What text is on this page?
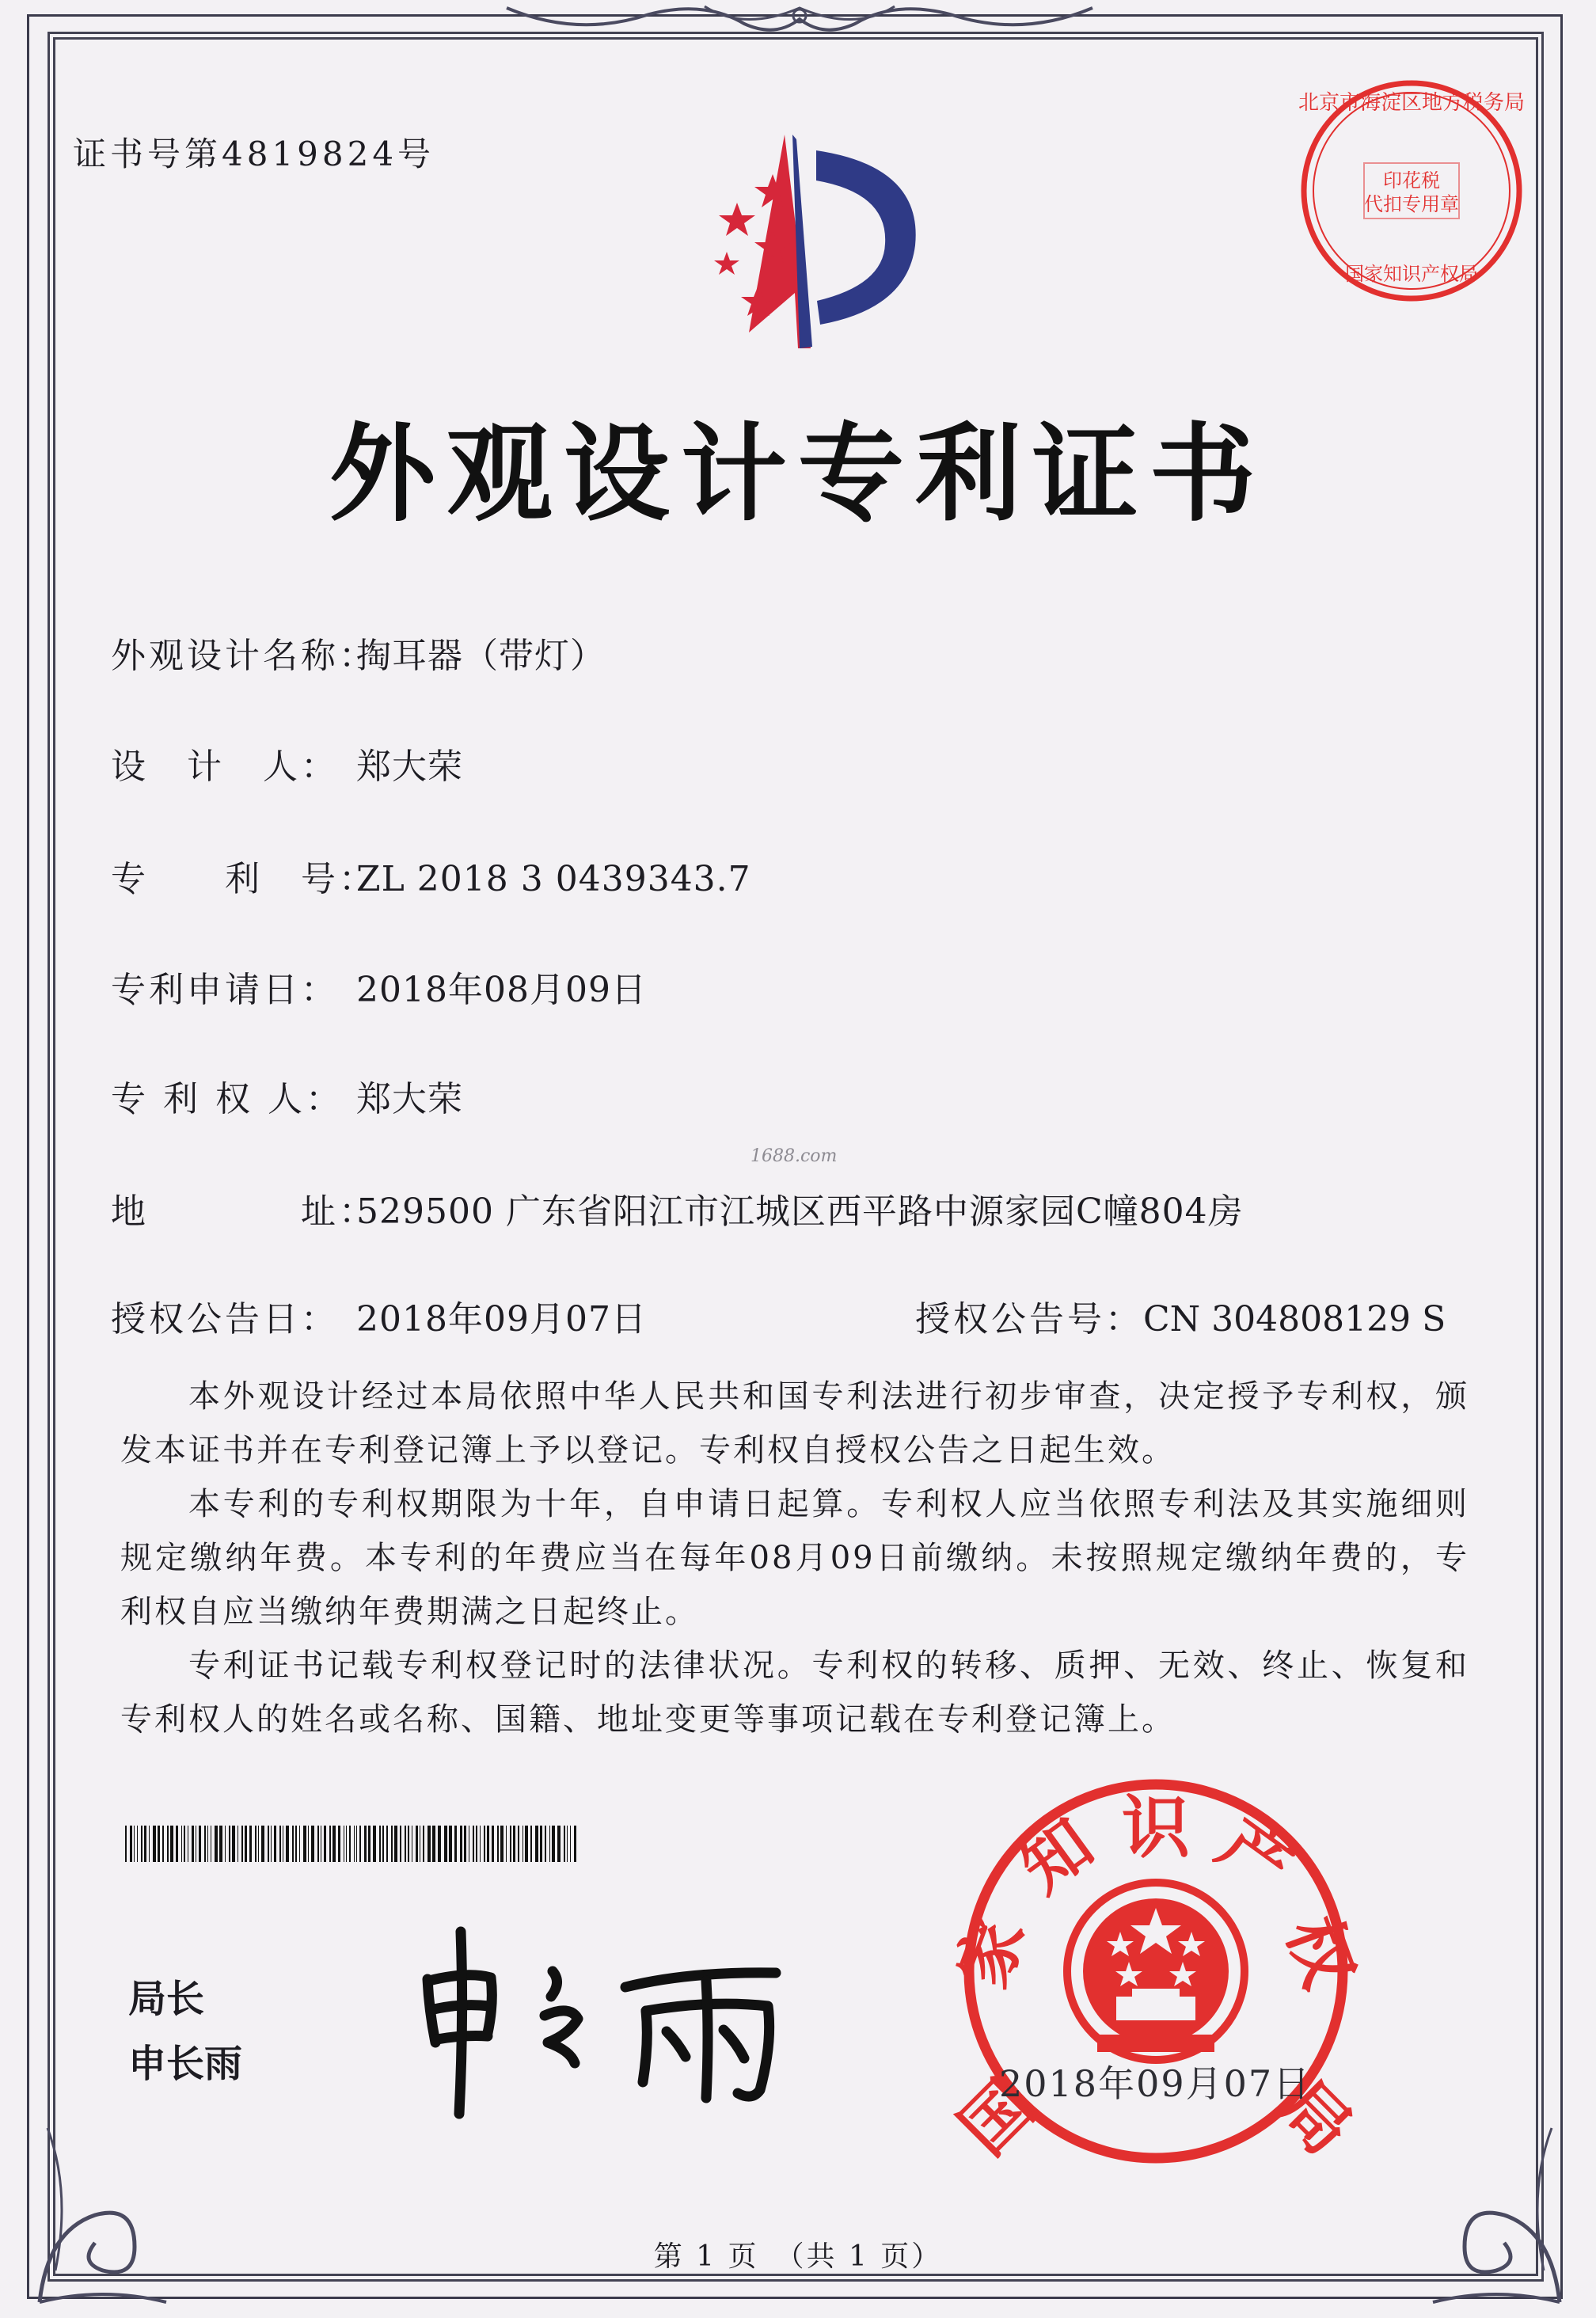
证书号第4819824号
北京市海淀区地方税务局
印花税
代扣专用章
国家知识产权局
外观设计专利证书
外观设计名称：掏耳器（带灯）
设　计　人： 郑大荣
专　　利　号：ZL 2018 3 0439343.7
专利申请日： 2018年08月09日
专 利 权 人： 郑大荣
1688.com
地　　　　址：529500 广东省阳江市江城区西平路中源家园C幢804房
授权公告日： 2018年09月07日	授权公告号：CN 304808129 S
本外观设计经过本局依照中华人民共和国专利法进行初步审查，决定授予专利权，颁发本证书并在专利登记簿上予以登记。专利权自授权公告之日起生效。
本专利的专利权期限为十年，自申请日起算。专利权人应当依照专利法及其实施细则规定缴纳年费。本专利的年费应当在每年08月09日前缴纳。未按照规定缴纳年费的，专利权自应当缴纳年费期满之日起终止。
专利证书记载专利权登记时的法律状况。专利权的转移、质押、无效、终止、恢复和专利权人的姓名或名称、国籍、地址变更等事项记载在专利登记簿上。
局长
申长雨
国
家
知 识 产
权
局
2018年09月07日
第 1 页　（共 1 页）
